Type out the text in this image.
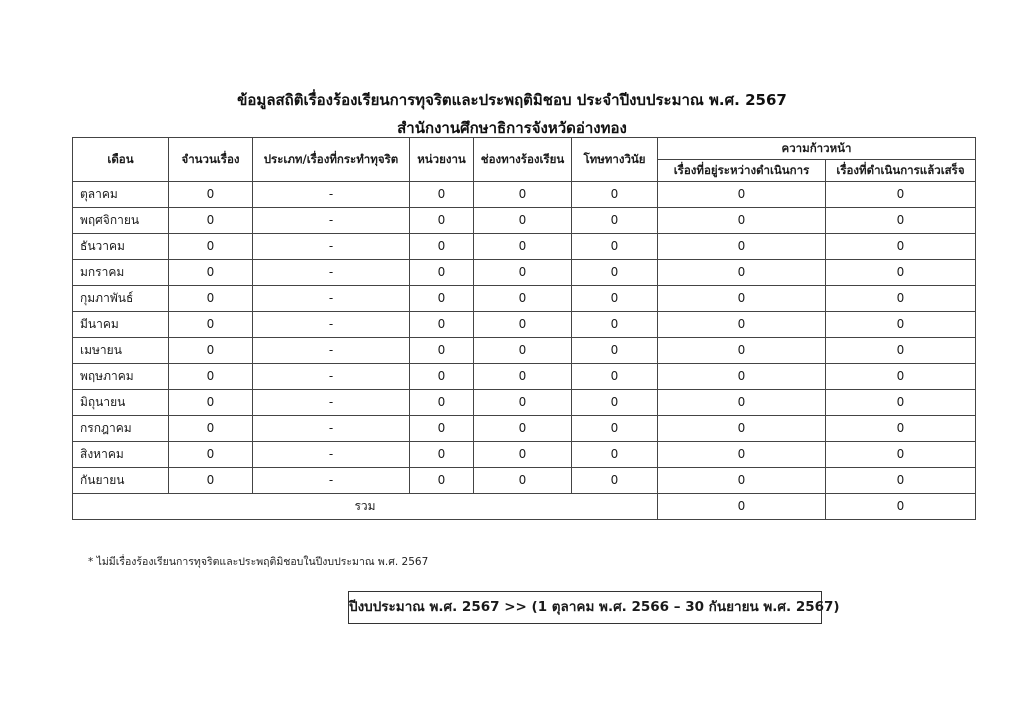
ข้อมูลสถิติเรื่องร้องเรียนการทุจริตและประพฤติมิชอบ ประจำปีงบประมาณ พ.ศ. 2567
สำนักงานศึกษาธิการจังหวัดอ่างทอง
เดือน	จำนวนเรื่อง	ประเภท/เรื่องที่กระทำทุจริต	หน่วยงาน	ช่องทางร้องเรียน	โทษทางวินัย	ความก้าวหน้า	
						เรื่องที่อยู่ระหว่างดำเนินการ	เรื่องที่ดำเนินการแล้วเสร็จ
ตุลาคม	0	-	0	0	0	0	0
พฤศจิกายน	0	-	0	0	0	0	0
ธันวาคม	0	-	0	0	0	0	0
มกราคม	0	-	0	0	0	0	0
กุมภาพันธ์	0	-	0	0	0	0	0
มีนาคม	0	-	0	0	0	0	0
เมษายน	0	-	0	0	0	0	0
พฤษภาคม	0	-	0	0	0	0	0
มิถุนายน	0	-	0	0	0	0	0
กรกฎาคม	0	-	0	0	0	0	0
สิงหาคม	0	-	0	0	0	0	0
กันยายน	0	-	0	0	0	0	0
รวม						0	0
* ไม่มีเรื่องร้องเรียนการทุจริตและประพฤติมิชอบในปีงบประมาณ พ.ศ. 2567
ปีงบประมาณ พ.ศ. 2567 >> (1 ตุลาคม พ.ศ. 2566 – 30 กันยายน พ.ศ. 2567)
